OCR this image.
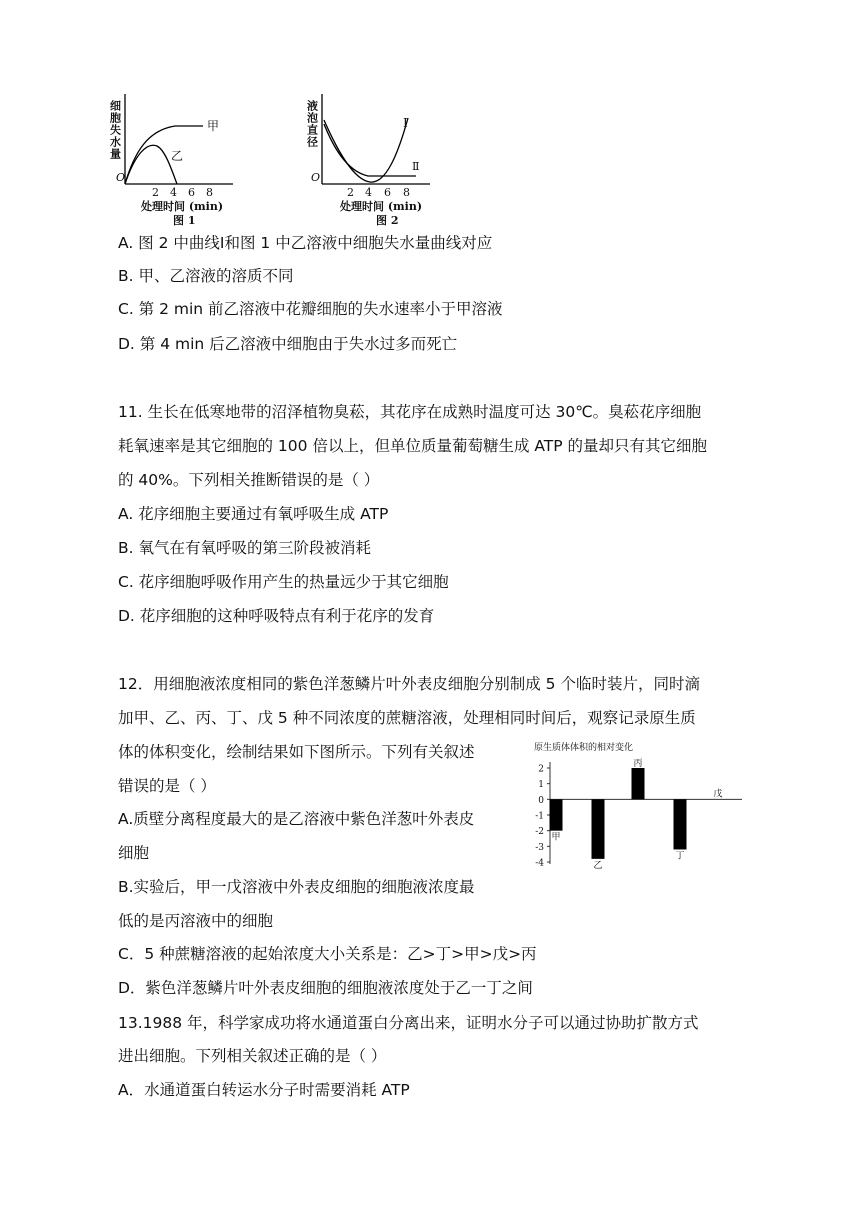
细胞失水量
O
2 4 6 8
处理时间 (min)
图 1
甲
乙
液泡直径
O
2 4 6 8
处理时间 (min)
图 2
Ⅰ
Ⅱ
A. 图 2 中曲线Ⅰ和图 1 中乙溶液中细胞失水量曲线对应
B. 甲、乙溶液的溶质不同
C. 第 2 min 前乙溶液中花瓣细胞的失水速率小于甲溶液
D. 第 4 min 后乙溶液中细胞由于失水过多而死亡
11. 生长在低寒地带的沼泽植物臭菘，其花序在成熟时温度可达 30℃。臭菘花序细胞
耗氧速率是其它细胞的 100 倍以上，但单位质量葡萄糖生成 ATP 的量却只有其它细胞
的 40%。下列相关推断错误的是（ ）
A. 花序细胞主要通过有氧呼吸生成 ATP
B. 氧气在有氧呼吸的第三阶段被消耗
C. 花序细胞呼吸作用产生的热量远少于其它细胞
D. 花序细胞的这种呼吸特点有利于花序的发育
12．用细胞液浓度相同的紫色洋葱鳞片叶外表皮细胞分别制成 5 个临时装片，同时滴
加甲、乙、丙、丁、戊 5 种不同浓度的蔗糖溶液，处理相同时间后，观察记录原生质
体的体积变化，绘制结果如下图所示。下列有关叙述
错误的是（ ）
A.质壁分离程度最大的是乙溶液中紫色洋葱叶外表皮
细胞
B.实验后，甲一戊溶液中外表皮细胞的细胞液浓度最
低的是丙溶液中的细胞
C．5 种蔗糖溶液的起始浓度大小关系是：乙>丁>甲>戊>丙
D．紫色洋葱鳞片叶外表皮细胞的细胞液浓度处于乙一丁之间
原生质体体积的相对变化
2
1
0
-1
-2
-3
-4
甲
乙
丙
丁
戊
13.1988 年，科学家成功将水通道蛋白分离出来，证明水分子可以通过协助扩散方式
进出细胞。下列相关叙述正确的是（ ）
A．水通道蛋白转运水分子时需要消耗 ATP
